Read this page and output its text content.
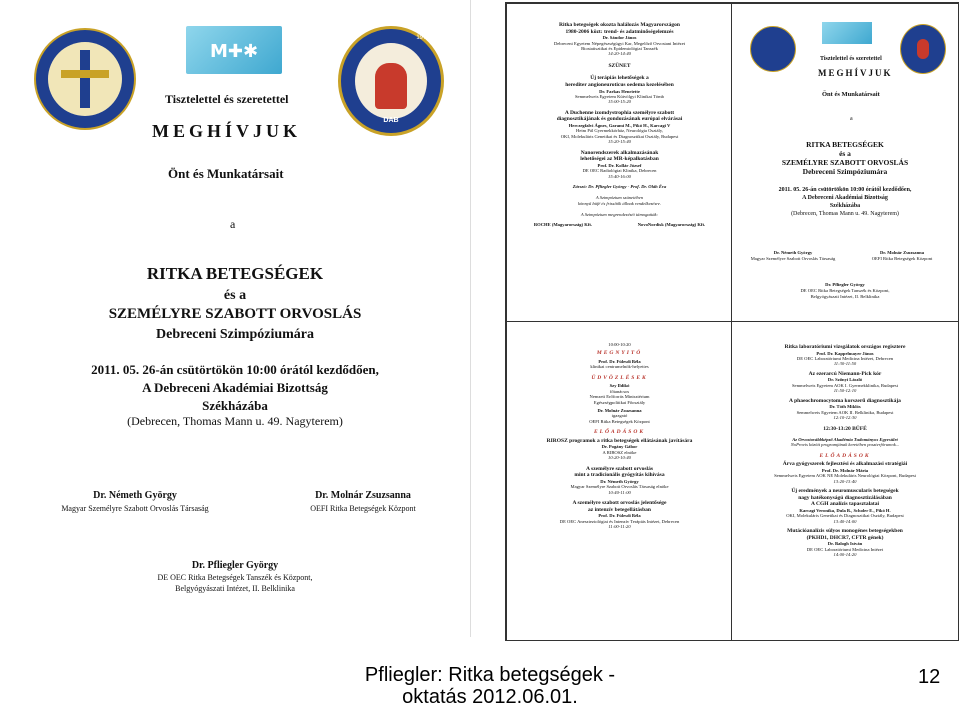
M✚✱
DAB
1975
Tisztelettel és szeretettel
MEGHÍVJUK
Önt és Munkatársait
a
RITKA BETEGSÉGEK
és a
SZEMÉLYRE SZABOTT ORVOSLÁS
Debreceni Szimpóziumára
2011. 05. 26-án csütörtökön 10:00 órától kezdődően,
A Debreceni Akadémiai Bizottság
Székházába
(Debrecen, Thomas Mann u. 49. Nagyterem)
Dr. Németh György
Magyar Személyre Szabott Orvoslás Társaság
Dr. Molnár Zsuzsanna
OEFI Ritka Betegségek Központ
Dr. Pfliegler György
DE OEC Ritka Betegségek Tanszék és Központ,
Belgyógyászati Intézet, II. Belklinika
Ritka betegségek okozta halálozás Magyarországon
1980-2006 közt: trend- és adatminőségelemzés
Dr. Sándor János
Debreceni Egyetem Népegészségügyi Kar, Megelőző Orvostani Intézet
Biostatisztikai és Epidemiológiai Tanszék
14:20-14:40
SZÜNET
Új terápiás lehetőségek a
herediter angioneuroticus oedema kezelésében
Dr. Farkas Henriette
Semmelweis Egyetem Kútvölgyi Klinikai Tömb
15:00-15:20
A Duchenne izomdystrophia személyre szabott
diagnosztikájának és gondozásának európai elvárásai
Herczegfalvi Ágnes, Garami M., Pikó H., Karcagi V
Heim Pál Gyermekkórház, Neurológia Osztály,
OKI, Molekuláris Genetikai és Diagnosztikai Osztály, Budapest
15:20-15:40
Nanorendszerek alkalmazásának
lehetőségei az MR-képalkotásban
Prof. Dr. Kollár József
DE OEC Radiológiai Klinika, Debrecen
15:40-16:00
Zárszó: Dr. Pfliegler György - Prof. Dr. Oláh Éva
A Szimpózium szünetében
könnyű büfé és frissítők állnak rendelkezésre.
A Szimpózium megrendezését támogatták:
ROCHE (Magyarország) Kft.	NovoNordisk (Magyarország) Kft.
Tisztelettel és szeretettel
MEGHÍVJUK
Önt és Munkatársait
a
RITKA BETEGSÉGEK
és a
SZEMÉLYRE SZABOTT ORVOSLÁS
Debreceni Szimpóziumára
2011. 05. 26-án csütörtökön 10:00 órától kezdődően,
A Debreceni Akadémiai Bizottság
Székházába
(Debrecen, Thomas Mann u. 49. Nagyterem)
Dr. Németh György
Magyar Személyre Szabott Orvoslás Társaság
Dr. Molnár Zsuzsanna
OEFI Ritka Betegségek Központ
Dr. Pfliegler György
DE OEC Ritka Betegségek Tanszék és Központ,
Belgyógyászati Intézet, II. Belklinika
10:00-10:20
MEGNYITÓ
Prof. Dr. Fülesdi Béla
klinikai centrumelnök-helyettes
ÜDVÖZLÉSEK
Szy Ildikó
főtanácsos
Nemzeti Erőforrás Minisztérium
Egészségpolitikai Főosztály
Dr. Molnár Zsuzsanna
igazgató
OEFI Ritka Betegségek Központ
ELŐADÁSOK
RIROSZ programok a ritka betegségek ellátásának javítására
Dr. Pogány Gábor
A RIBOSZ elnöke
10:20-10:40
A személyre szabott orvoslás
mint a tradicionális gyógyítás kihívása
Dr. Németh György
Magyar Személyre Szabott Orvoslás Társaság elnöke
10:40-11:00
A személyre szabott orvoslás jelentősége
az intenzív betegellátásban
Prof. Dr. Fülesdi Béla
DE OEC Aneszteziológiai és Intenzív Terápiás Intézet, Debrecen
11:00-11:20
Ritka laboratóriumi vizsgálatok országos regisztere
Prof. Dr. Kappelmayer János
DE OEC Laboratóriumi Medicina Intézet, Debrecen
11:30-11:50
Az ezerarcú Niemann-Pick kór
Dr. Szőnyi László
Semmelweis Egyetem AOK I. Gyermekklinika, Budapest
11:50-12:10
A phaeochromocytoma korszerű diagnosztikája
Dr. Tóth Miklós
Semmelweis Egyetem AOK II. Belklinika, Budapest
12:10-12:30
12:30-13:20 BÜFÉ
Az Orvostovábbképző Akadémia Tudományos Egyesület
NoProvis között programjának keretében poszterfórumok...
ELŐADÁSOK
Árva gyógyszerek fejlesztési és alkalmazási stratégiái
Prof. Dr. Molnár Mária
Semmelweis Egyetem AOK NE Molekuláris Neurológiai Központ, Budapest
13:20-13:40
Új eredmények a neuromuscularis betegségek
nagy hatékonyságú diagnosztizálásában
A CGH analízis tapasztalatai
Karcagi Veronika, Dula B., Scholer E., Pikó H.
OKI, Molekuláris Genetikai és Diagnosztikai Osztály, Budapest
13:40-14:00
Mutációanalízis súlyos monogénes betegségekben
(PKHD1, DHCR7, CFTR gének)
Dr. Balogh István
DE OEC Laboratóriumi Medicina Intézet
14:00-14:20
Pfliegler: Ritka betegségek -
oktatás 2012.06.01.
12
